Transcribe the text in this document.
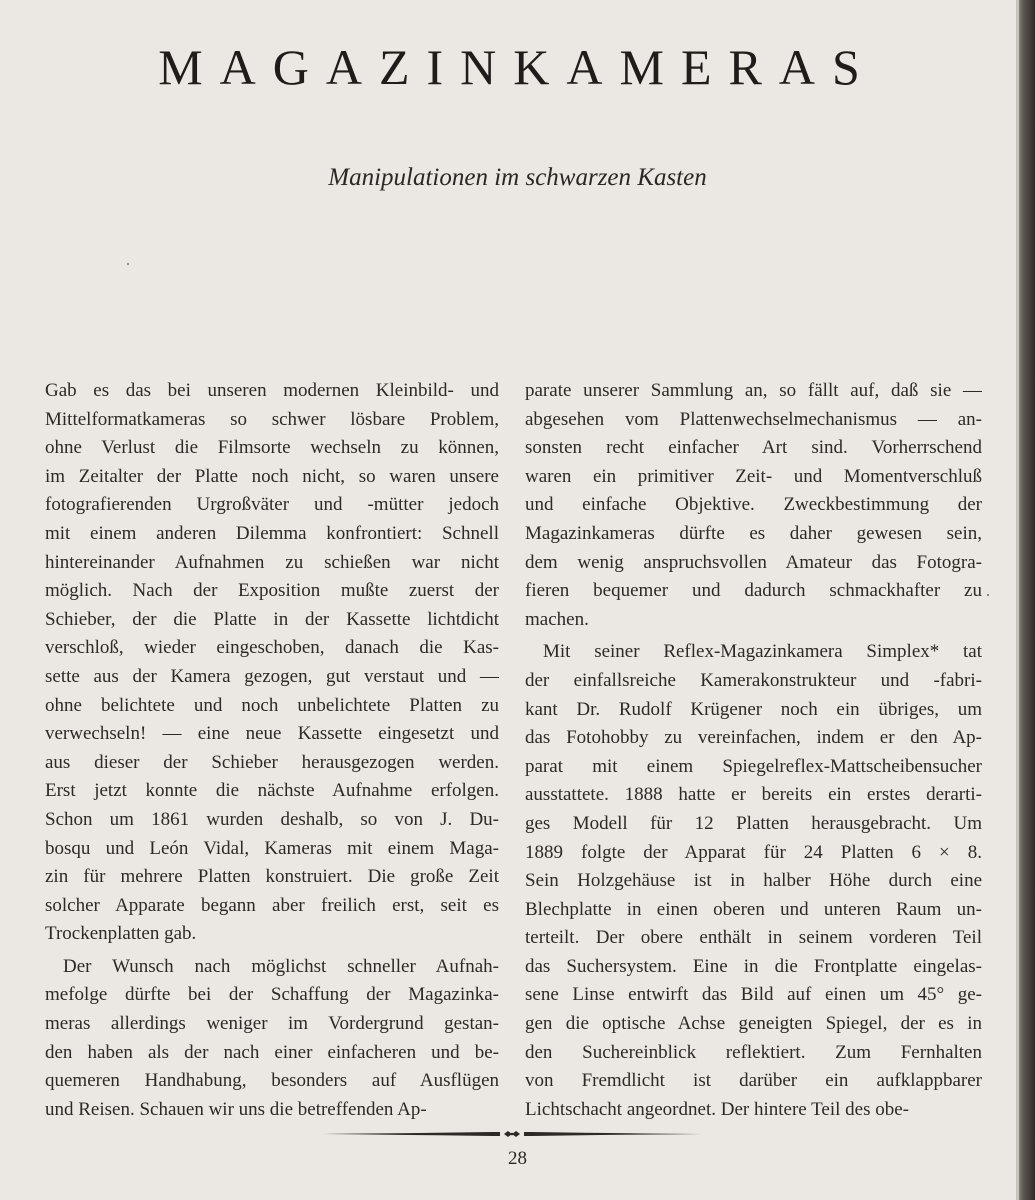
MAGAZINKAMERAS
Manipulationen im schwarzen Kasten
Gab es das bei unseren modernen Kleinbild- und
Mittelformatkameras so schwer lösbare Problem,
ohne Verlust die Filmsorte wechseln zu können,
im Zeitalter der Platte noch nicht, so waren unsere
fotografierenden Urgroßväter und -mütter jedoch
mit einem anderen Dilemma konfrontiert: Schnell
hintereinander Aufnahmen zu schießen war nicht
möglich. Nach der Exposition mußte zuerst der
Schieber, der die Platte in der Kassette lichtdicht
verschloß, wieder eingeschoben, danach die Kas-
sette aus der Kamera gezogen, gut verstaut und —
ohne belichtete und noch unbelichtete Platten zu
verwechseln! — eine neue Kassette eingesetzt und
aus dieser der Schieber herausgezogen werden.
Erst jetzt konnte die nächste Aufnahme erfolgen.
Schon um 1861 wurden deshalb, so von J. Du-
bosqu und León Vidal, Kameras mit einem Maga-
zin für mehrere Platten konstruiert. Die große Zeit
solcher Apparate begann aber freilich erst, seit es
Trockenplatten gab.
Der Wunsch nach möglichst schneller Aufnah-
mefolge dürfte bei der Schaffung der Magazinka-
meras allerdings weniger im Vordergrund gestan-
den haben als der nach einer einfacheren und be-
quemeren Handhabung, besonders auf Ausflügen
und Reisen. Schauen wir uns die betreffenden Ap-
parate unserer Sammlung an, so fällt auf, daß sie —
abgesehen vom Plattenwechselmechanismus — an-
sonsten recht einfacher Art sind. Vorherrschend
waren ein primitiver Zeit- und Momentverschluß
und einfache Objektive. Zweckbestimmung der
Magazinkameras dürfte es daher gewesen sein,
dem wenig anspruchsvollen Amateur das Fotogra-
fieren bequemer und dadurch schmackhafter zu
machen.
Mit seiner Reflex-Magazinkamera Simplex* tat
der einfallsreiche Kamerakonstrukteur und -fabri-
kant Dr. Rudolf Krügener noch ein übriges, um
das Fotohobby zu vereinfachen, indem er den Ap-
parat mit einem Spiegelreflex-Mattscheibensucher
ausstattete. 1888 hatte er bereits ein erstes derarti-
ges Modell für 12 Platten herausgebracht. Um
1889 folgte der Apparat für 24 Platten 6 × 8.
Sein Holzgehäuse ist in halber Höhe durch eine
Blechplatte in einen oberen und unteren Raum un-
terteilt. Der obere enthält in seinem vorderen Teil
das Suchersystem. Eine in die Frontplatte eingelas-
sene Linse entwirft das Bild auf einen um 45° ge-
gen die optische Achse geneigten Spiegel, der es in
den Suchereinblick reflektiert. Zum Fernhalten
von Fremdlicht ist darüber ein aufklappbarer
Lichtschacht angeordnet. Der hintere Teil des obe-
28
